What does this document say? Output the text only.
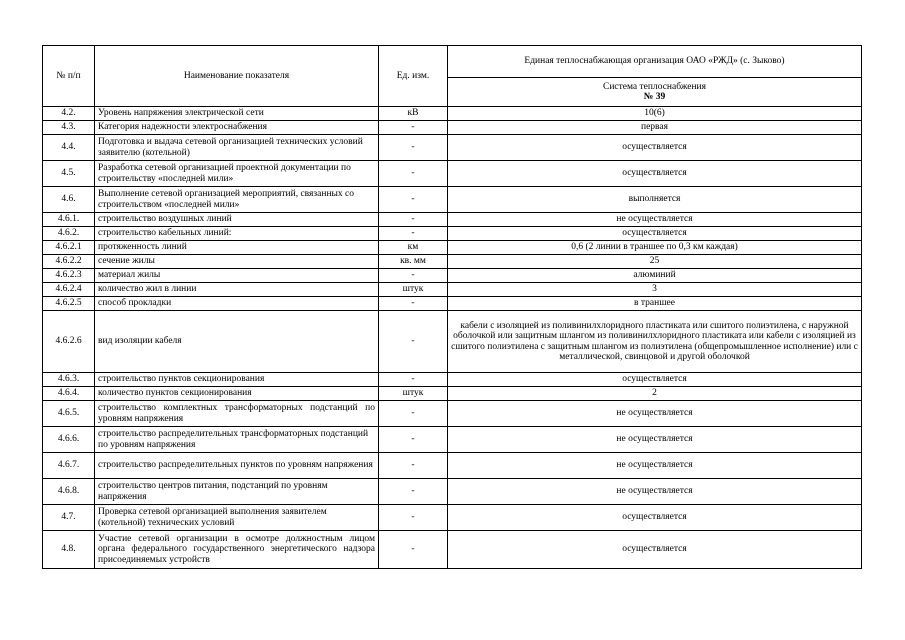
№ п/п	Наименование показателя	Ед. изм.	Единая теплоснабжающая организация ОАО «РЖД» (с. Зыково)
			Система теплоснабжения
№ 39

4.2.	Уровень напряжения электрической сети	кВ	10(6)
4.3.	Категория надежности электроснабжения	-	первая
4.4.	Подготовка и выдача сетевой организацией технических условий заявителю (котельной)	-	осуществляется
4.5.	Разработка сетевой организацией проектной документации по строительству «последней мили»	-	осуществляется
4.6.	Выполнение сетевой организацией мероприятий, связанных со строительством «последней мили»	-	выполняется
4.6.1.	строительство воздушных линий	-	не осуществляется
4.6.2.	строительство кабельных линий:	-	осуществляется
4.6.2.1	протяженность линий	км	0,6 (2 линии в траншее по 0,3 км каждая)
4.6.2.2	сечение жилы	кв. мм	25
4.6.2.3	материал жилы	-	алюминий
4.6.2.4	количество жил в линии	штук	3
4.6.2.5	способ прокладки	-	в траншее
4.6.2.6	вид изоляции кабеля	-	кабели с изоляцией из поливинилхлоридного пластиката или сшитого полиэтилена, с наружной оболочкой или защитным шлангом из поливинилхлоридного пластиката или кабели с изоляцией из сшитого полиэтилена с защитным шлангом из полиэтилена (общепромышленное исполнение) или с металлической, свинцовой и другой оболочкой
4.6.3.	строительство пунктов секционирования	-	осуществляется
4.6.4.	количество пунктов секционирования	штук	2
4.6.5.	строительство комплектных трансформаторных подстанций по уровням напряжения	-	не осуществляется
4.6.6.	строительство распределительных трансформаторных подстанций по уровням напряжения	-	не осуществляется
4.6.7.	строительство распределительных пунктов по уровням напряжения	-	не осуществляется
4.6.8.	строительство центров питания, подстанций по уровням напряжения	-	не осуществляется
4.7.	Проверка сетевой организацией выполнения заявителем (котельной) технических условий	-	осуществляется
4.8.	Участие сетевой организации в осмотре должностным лицом органа федерального государственного энергетического надзора присоединяемых устройств	-	осуществляется
